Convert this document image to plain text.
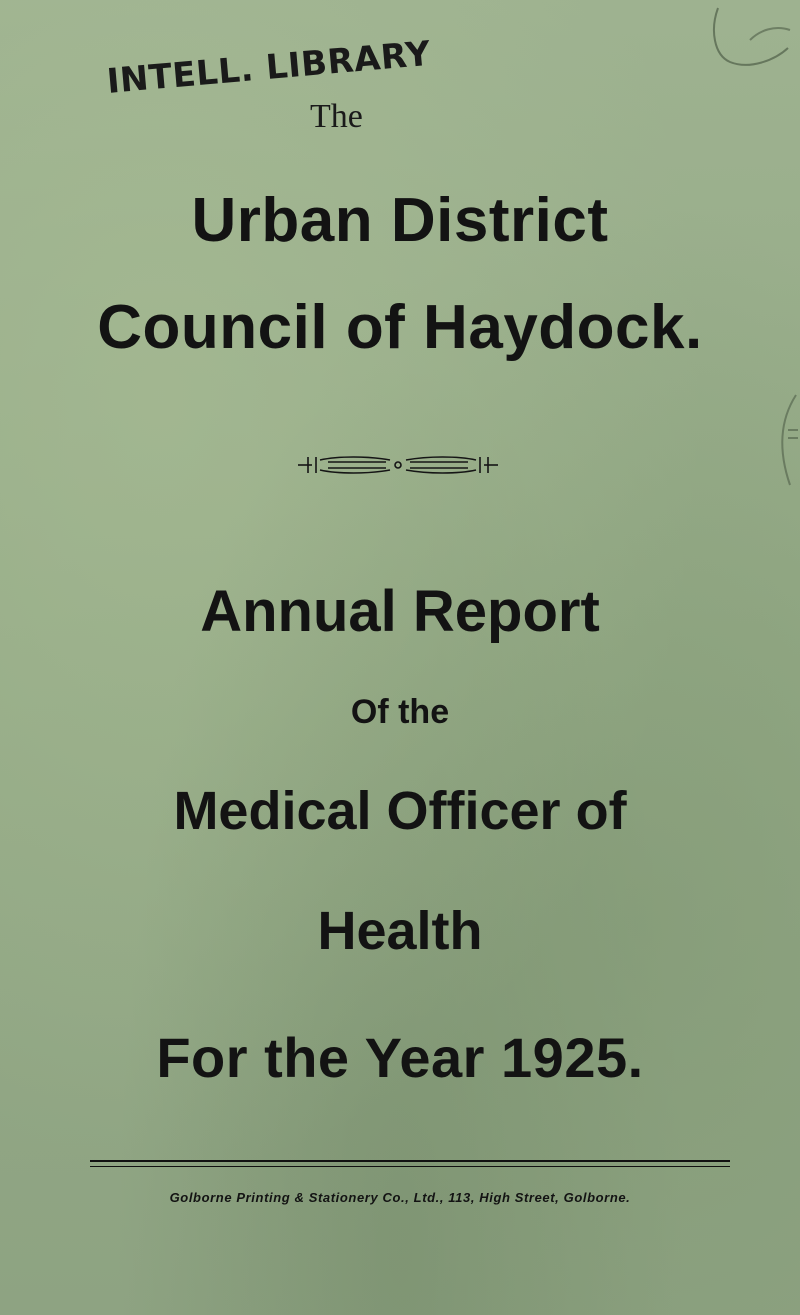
INTELL. LIBRARY
The
Urban District
Council of Haydock.
Annual Report
Of the
Medical Officer of
Health
For the Year 1925.
Golborne Printing & Stationery Co., Ltd., 113, High Street, Golborne.
